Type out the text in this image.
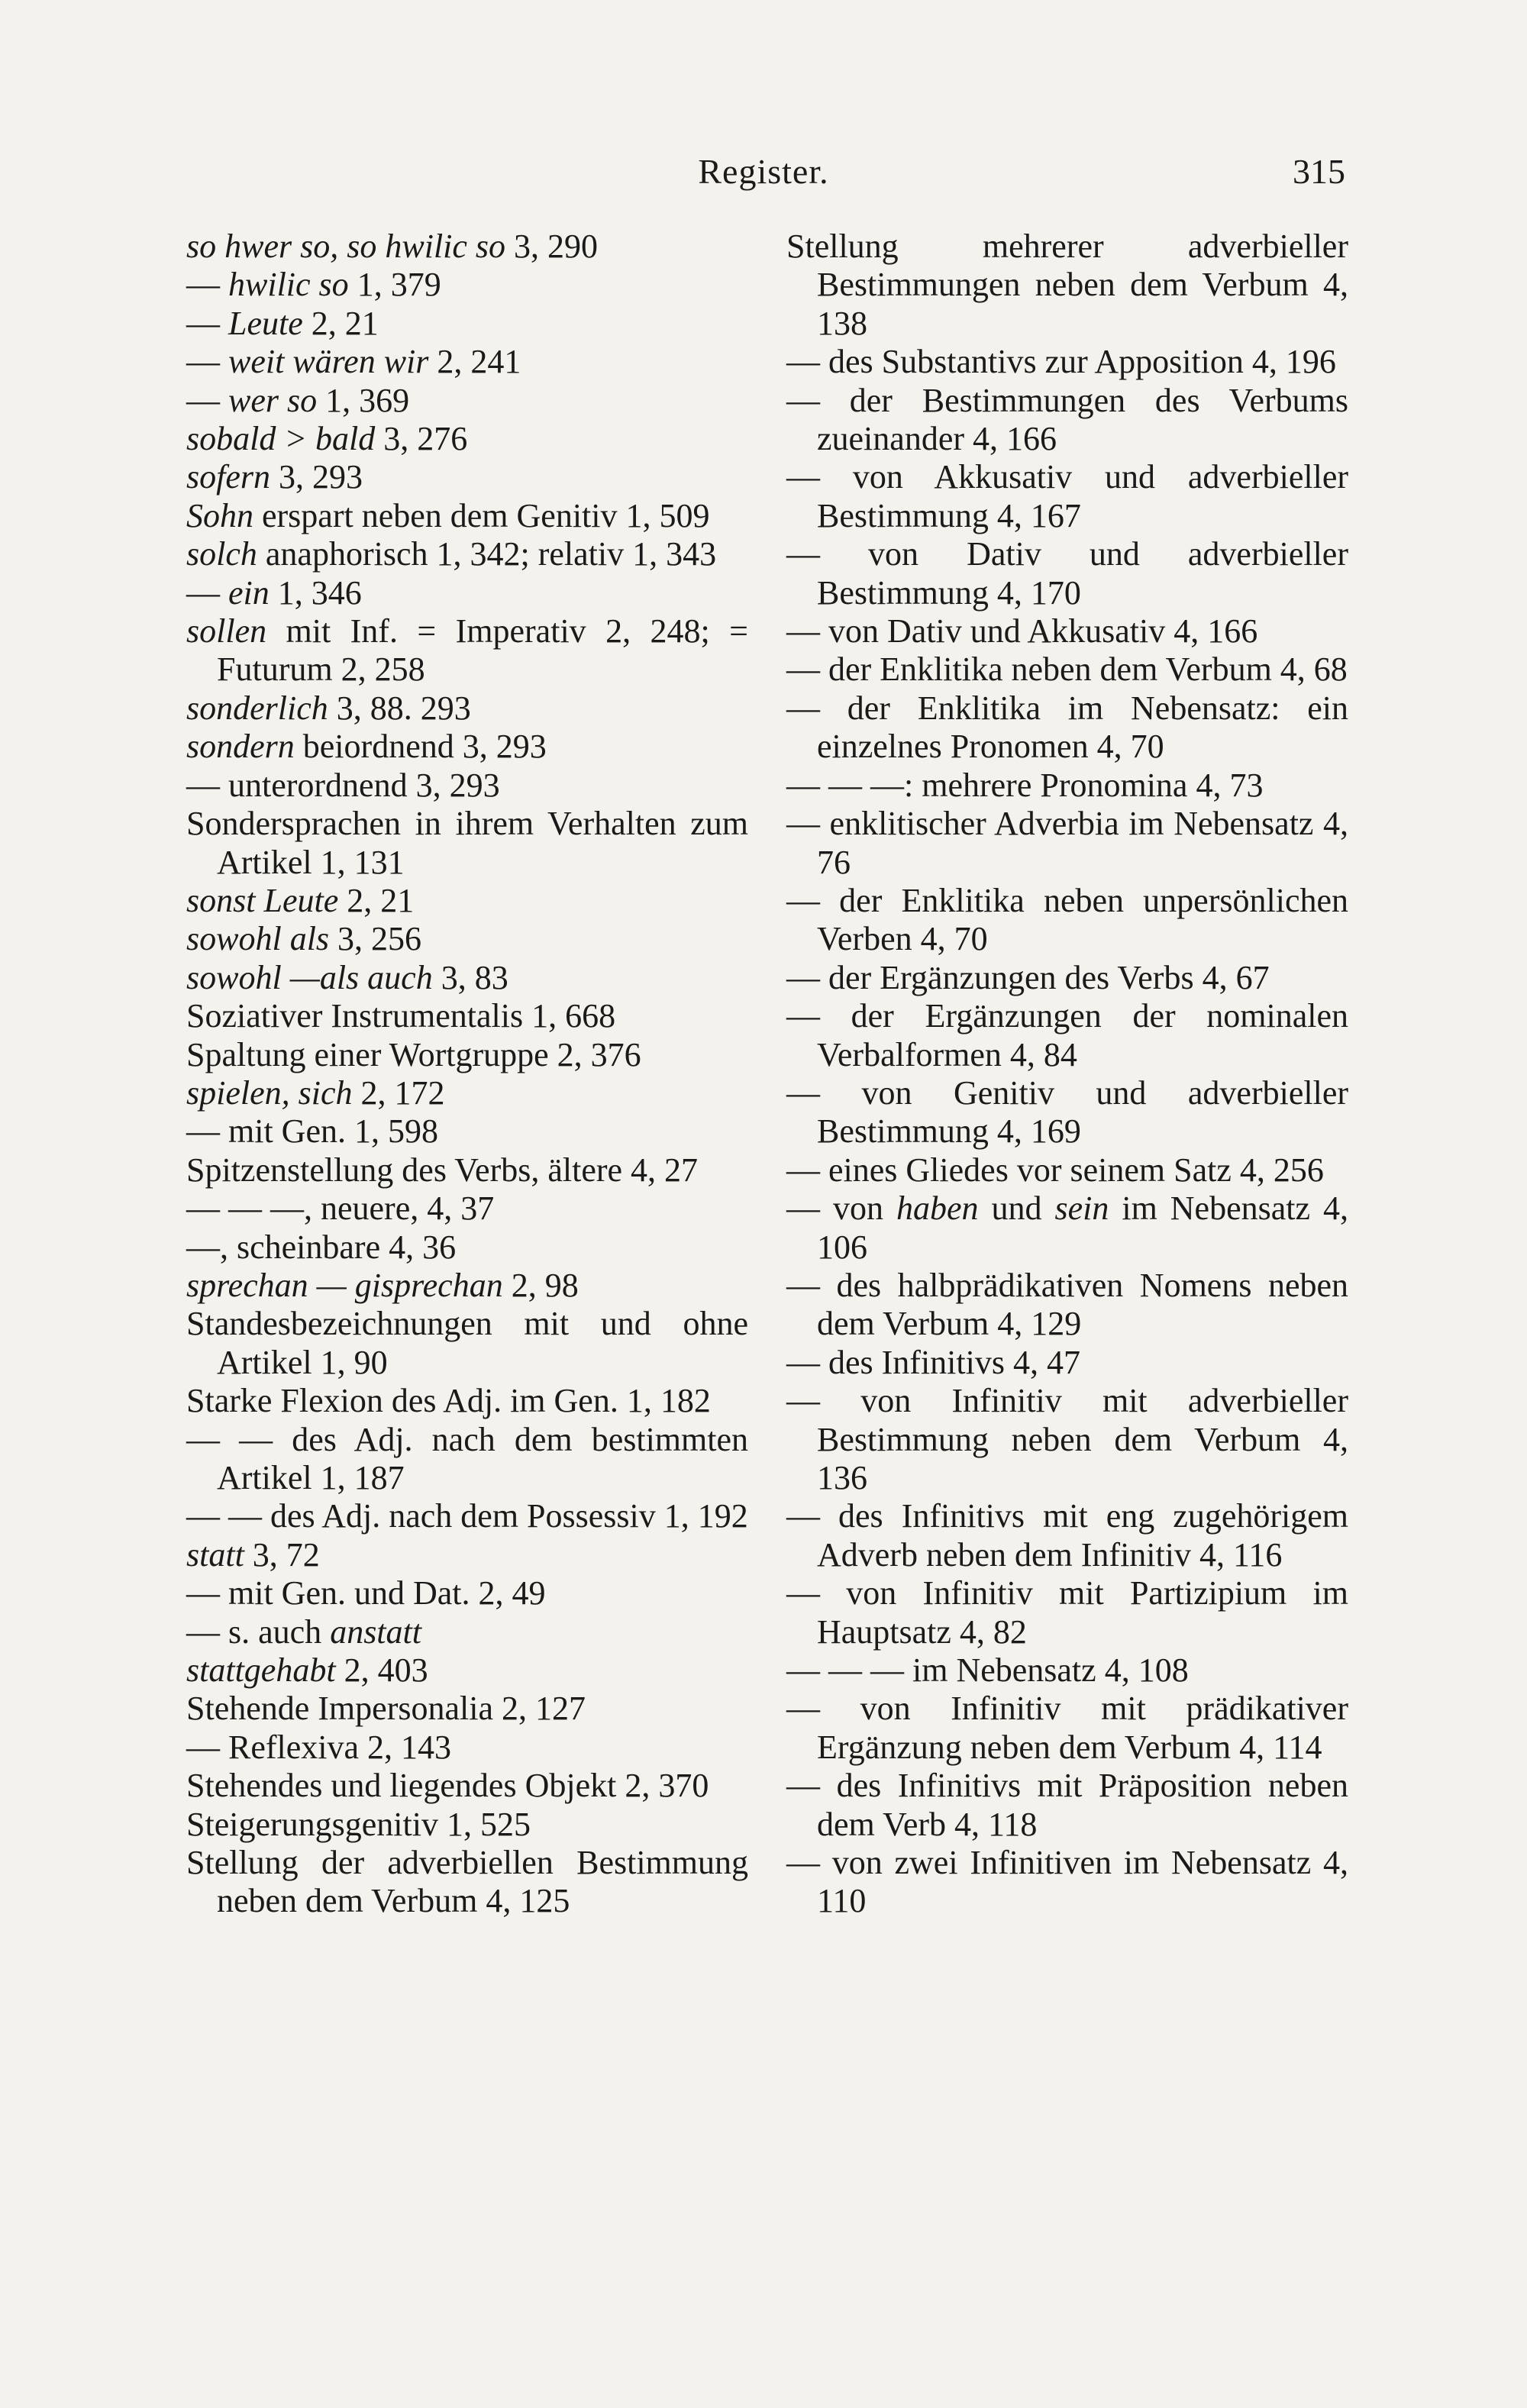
Register.	315
so hwer so, so hwilic so 3, 290
— hwilic so 1, 379
— Leute 2, 21
— weit wären wir 2, 241
— wer so 1, 369
sobald > bald 3, 276
sofern 3, 293
Sohn erspart neben dem Genitiv 1, 509
solch anaphorisch 1, 342; relativ 1, 343
— ein 1, 346
sollen mit Inf. = Imperativ 2, 248; = Futurum 2, 258
sonderlich 3, 88. 293
sondern beiordnend 3, 293
— unterordnend 3, 293
Sondersprachen in ihrem Verhalten zum Artikel 1, 131
sonst Leute 2, 21
sowohl als 3, 256
sowohl —als auch 3, 83
Soziativer Instrumentalis 1, 668
Spaltung einer Wortgruppe 2, 376
spielen, sich 2, 172
— mit Gen. 1, 598
Spitzenstellung des Verbs, ältere 4, 27
— — —, neuere, 4, 37
—, scheinbare 4, 36
sprechan — gisprechan 2, 98
Standesbezeichnungen mit und ohne Artikel 1, 90
Starke Flexion des Adj. im Gen. 1, 182
— — des Adj. nach dem bestimmten Artikel 1, 187
— — des Adj. nach dem Possessiv 1, 192
statt 3, 72
— mit Gen. und Dat. 2, 49
— s. auch anstatt
stattgehabt 2, 403
Stehende Impersonalia 2, 127
— Reflexiva 2, 143
Stehendes und liegendes Objekt 2, 370
Steigerungsgenitiv 1, 525
Stellung der adverbiellen Bestimmung neben dem Verbum 4, 125
Stellung mehrerer adverbieller Bestimmungen neben dem Verbum 4, 138
— des Substantivs zur Apposition 4, 196
— der Bestimmungen des Verbums zueinander 4, 166
— von Akkusativ und adverbieller Bestimmung 4, 167
— von Dativ und adverbieller Bestimmung 4, 170
— von Dativ und Akkusativ 4, 166
— der Enklitika neben dem Verbum 4, 68
— der Enklitika im Nebensatz: ein einzelnes Pronomen 4, 70
— — —: mehrere Pronomina 4, 73
— enklitischer Adverbia im Nebensatz 4, 76
— der Enklitika neben unpersönlichen Verben 4, 70
— der Ergänzungen des Verbs 4, 67
— der Ergänzungen der nominalen Verbalformen 4, 84
— von Genitiv und adverbieller Bestimmung 4, 169
— eines Gliedes vor seinem Satz 4, 256
— von haben und sein im Nebensatz 4, 106
— des halbprädikativen Nomens neben dem Verbum 4, 129
— des Infinitivs 4, 47
— von Infinitiv mit adverbieller Bestimmung neben dem Verbum 4, 136
— des Infinitivs mit eng zugehörigem Adverb neben dem Infinitiv 4, 116
— von Infinitiv mit Partizipium im Hauptsatz 4, 82
— — — im Nebensatz 4, 108
— von Infinitiv mit prädikativer Ergänzung neben dem Verbum 4, 114
— des Infinitivs mit Präposition neben dem Verb 4, 118
— von zwei Infinitiven im Nebensatz 4, 110
